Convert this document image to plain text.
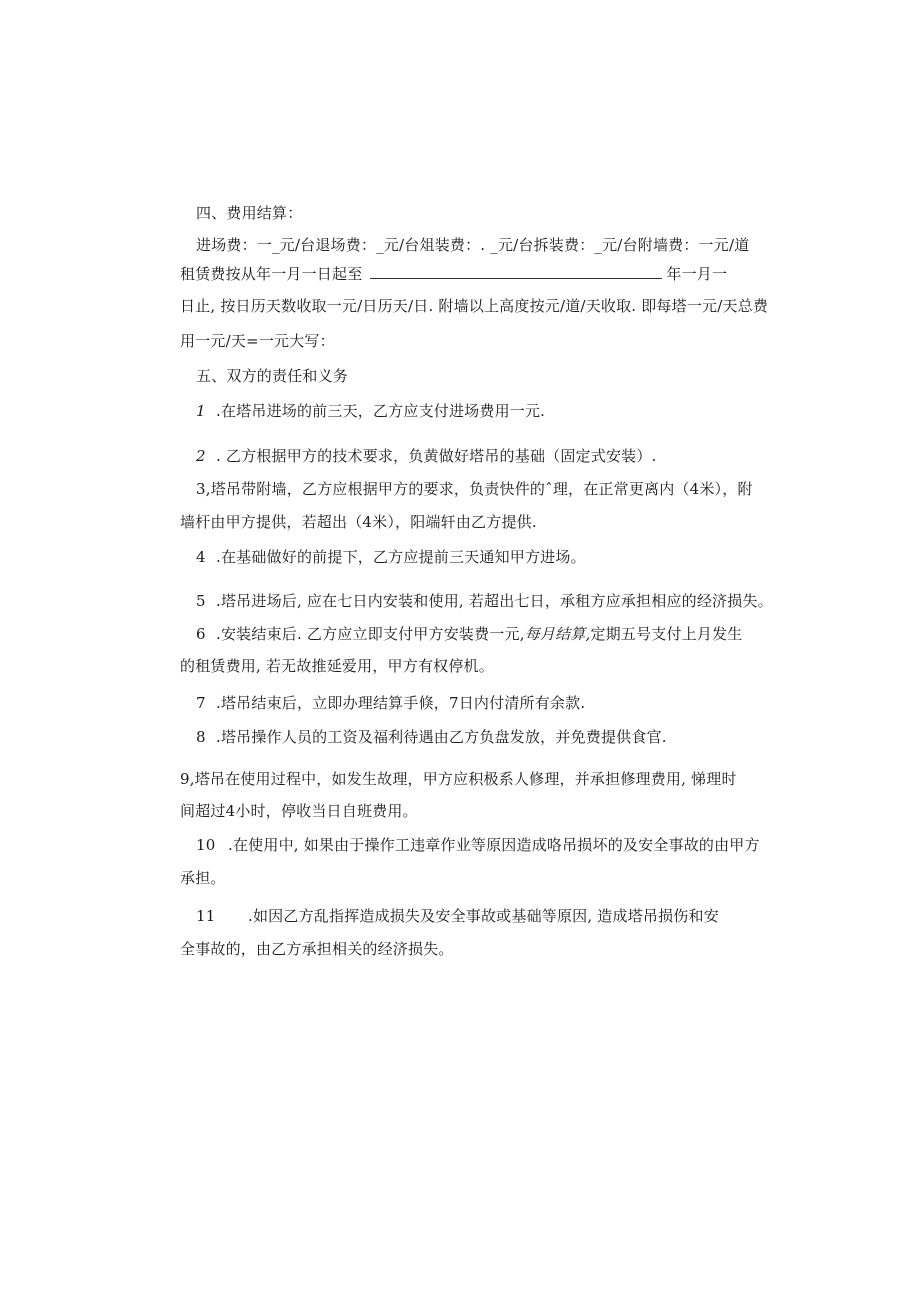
四、费用结算：
进场费：一_元/台退场费：_元/台俎装费：. _元/台拆装费：_元/台附墙费：一元/道
租赁费按从年一月一日起至	年一月一
日止, 按日历天数收取一元/日历天/日. 附墙以上高度按元/道/天收取. 即每塔一元/天总费
用一元/天=一元大写：
五、双方的责任和义务
1 .在塔吊进场的前三天，乙方应支付进场费用一元.
2 . 乙方根据甲方的技术要求，负黄做好塔吊的基础（固定式安装）.
3,塔吊带附墙，乙方应根据甲方的要求，负责快件的ˆ理，在正常更离内（4米），附
墙杆由甲方提供，若超出（4米），阳端轩由乙方提供.
4 .在基础做好的前提下，乙方应提前三天通知甲方进场。
5 .塔吊进场后, 应在七日内安装和使用, 若超出七日，承租方应承担相应的经济损失。
6 .安装结束后. 乙方应立即支付甲方安装费一元,每月结算,定期五号支付上月发生
的租赁费用, 若无故推延爱用，甲方有权停机。
7 .塔吊结束后，立即办理结算手倏，7日内付清所有余款.
8 .塔吊操作人员的工资及福利待遇由乙方负盘发放，并免费提供食官.
9,塔吊在使用过程中，如发生故理，甲方应积极系人修理，并承担修理费用, 悌理时
间超过4小时，停收当日自班费用。
10 .在使用中, 如果由于操作工违章作业等原因造成咯吊损坏的及安全事故的由甲方
承担。
11 .如因乙方乱指挥造成损失及安全事故或基础等原因, 造成塔吊损伤和安
全事故的，由乙方承担相关的经济损失。
